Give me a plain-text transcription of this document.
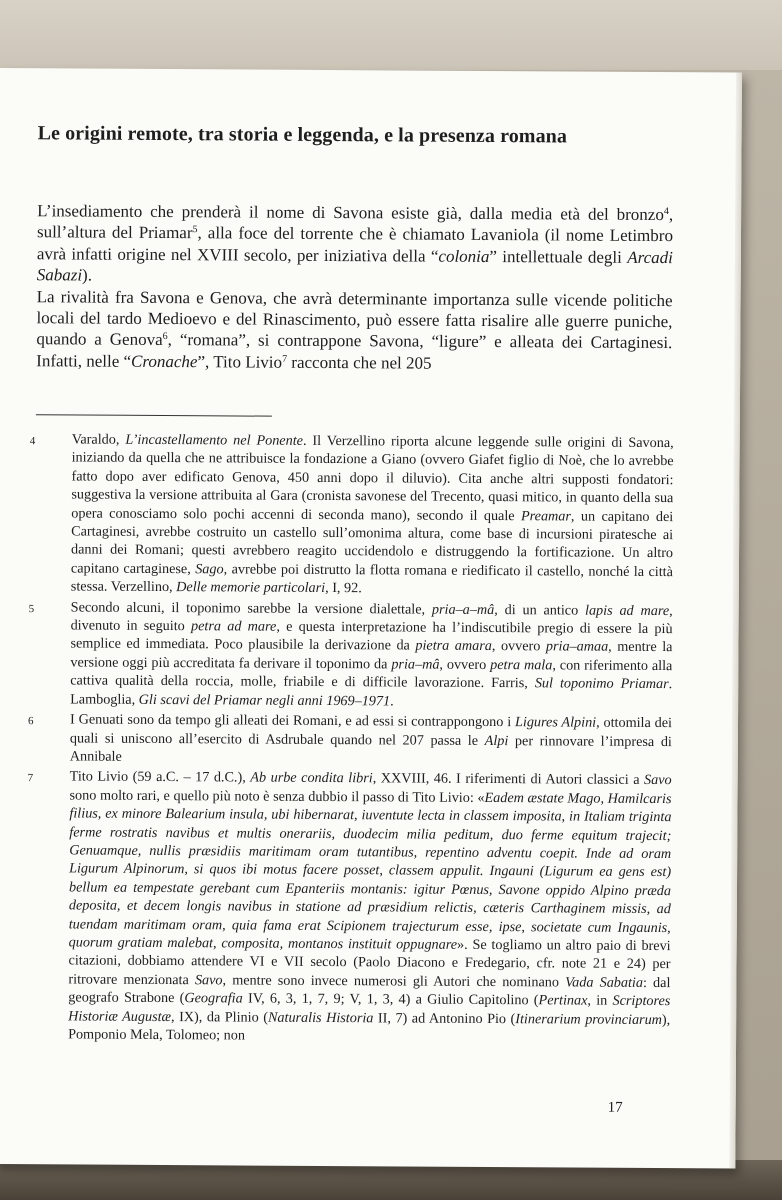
Le origini remote, tra storia e leggenda, e la presenza romana

L’insediamento che prenderà il nome di Savona esiste già, dalla media età del bronzo$^4$, sull’altura del Priamar$^5$, alla foce del torrente che è chiamato Lavaniola (il nome Letimbro avrà infatti origine nel XVIII secolo, per iniziativa della “colonia” intellettuale degli Arcadi Sabazi).

La rivalità fra Savona e Genova, che avrà determinante importanza sulle vicende politiche locali del tardo Medioevo e del Rinascimento, può essere fatta risalire alle guerre puniche, quando a Genova$^6$, “romana”, si contrappone Savona, “ligure” e alleata dei Cartaginesi. Infatti, nelle “Cronache”, Tito Livio$^7$ racconta che nel 205

4	Varaldo, L’incastellamento nel Ponente. Il Verzellino riporta alcune leggende sulle origini di Savona, iniziando da quella che ne attribuisce la fondazione a Giano (ovvero Giafet figlio di Noè, che lo avrebbe fatto dopo aver edificato Genova, 450 anni dopo il diluvio). Cita anche altri supposti fondatori: suggestiva la versione attribuita al Gara (cronista savonese del Trecento, quasi mitico, in quanto della sua opera conosciamo solo pochi accenni di seconda mano), secondo il quale Preamar, un capitano dei Cartaginesi, avrebbe costruito un castello sull’omonima altura, come base di incursioni piratesche ai danni dei Romani; questi avrebbero reagito uccidendolo e distruggendo la fortificazione. Un altro capitano cartaginese, Sago, avrebbe poi distrutto la flotta romana e riedificato il castello, nonché la città stessa. Verzellino, Delle memorie particolari, I, 92.
5	Secondo alcuni, il toponimo sarebbe la versione dialettale, pria–a–mâ, di un antico lapis ad mare, divenuto in seguito petra ad mare, e questa interpretazione ha l’indiscutibile pregio di essere la più semplice ed immediata. Poco plausibile la derivazione da pietra amara, ovvero pria–amaa, mentre la versione oggi più accreditata fa derivare il toponimo da pria–mâ, ovvero petra mala, con riferimento alla cattiva qualità della roccia, molle, friabile e di difficile lavorazione. Farris, Sul toponimo Priamar. Lamboglia, Gli scavi del Priamar negli anni 1969–1971.
6	I Genuati sono da tempo gli alleati dei Romani, e ad essi si contrappongono i Ligures Alpini, ottomila dei quali si uniscono all’esercito di Asdrubale quando nel 207 passa le Alpi per rinnovare l’impresa di Annibale
7	Tito Livio (59 a.C. – 17 d.C.), Ab urbe condita libri, XXVIII, 46. I riferimenti di Autori classici a Savo sono molto rari, e quello più noto è senza dubbio il passo di Tito Livio: «Eadem æstate Mago, Hamilcaris filius, ex minore Balearium insula, ubi hibernarat, iuventute lecta in classem imposita, in Italiam triginta ferme rostratis navibus et multis onerariis, duodecim milia peditum, duo ferme equitum trajecit; Genuamque, nullis præsidiis maritimam oram tutantibus, repentino adventu coepit. Inde ad oram Ligurum Alpinorum, si quos ibi motus facere posset, classem appulit. Ingauni (Ligurum ea gens est) bellum ea tempestate gerebant cum Epanteriis montanis: igitur Pœnus, Savone oppido Alpino præda deposita, et decem longis navibus in statione ad præsidium relictis, cæteris Carthaginem missis, ad tuendam maritimam oram, quia fama erat Scipionem trajecturum esse, ipse, societate cum Ingaunis, quorum gratiam malebat, composita, montanos instituit oppugnare». Se togliamo un altro paio di brevi citazioni, dobbiamo attendere VI e VII secolo (Paolo Diacono e Fredegario, cfr. note 21 e 24) per ritrovare menzionata Savo, mentre sono invece numerosi gli Autori che nominano Vada Sabatia: dal geografo Strabone (Geografia IV, 6, 3, 1, 7, 9; V, 1, 3, 4) a Giulio Capitolino (Pertinax, in Scriptores Historiæ Augustæ, IX), da Plinio (Naturalis Historia II, 7) ad Antonino Pio (Itinerarium provinciarum), Pomponio Mela, Tolomeo; non
17
